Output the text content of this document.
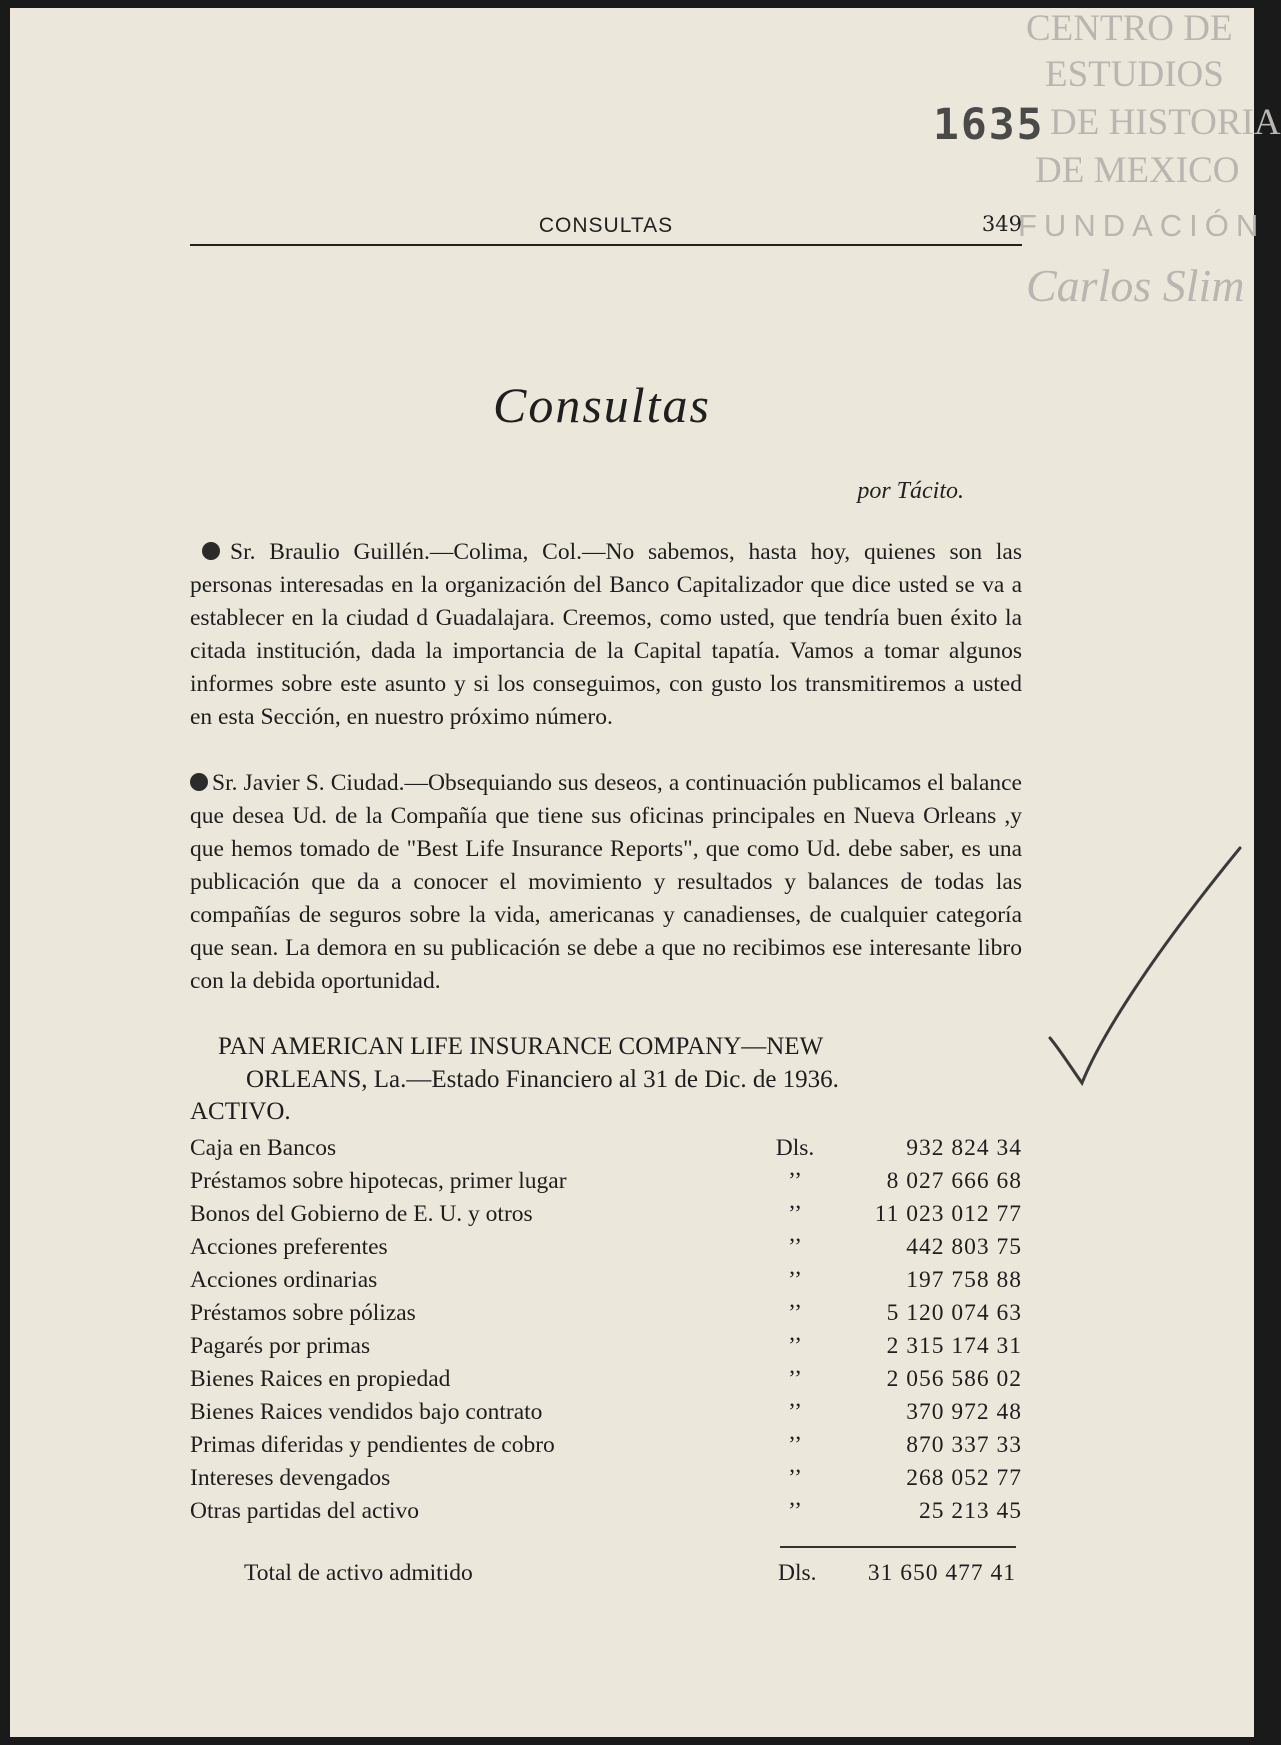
CENTRO DE
ESTUDIOS
DE HISTORIA
DE MEXICO
FUNDACIÓN
Carlos Slim
1635
CONSULTAS	349
Consultas
por Tácito.

Sr. Braulio Guillén.—Colima, Col.—No sabemos, hasta hoy, quienes son las personas interesadas en la organización del Banco Capitalizador que dice usted se va a establecer en la ciudad d Guadalajara. Creemos, como usted, que tendría buen éxito la citada institución, dada la importancia de la Capital tapatía. Vamos a tomar algunos informes sobre este asunto y si los conseguimos, con gusto los transmitiremos a usted en esta Sección, en nuestro próximo número.

Sr. Javier S. Ciudad.—Obsequiando sus deseos, a continuación publicamos el balance que desea Ud. de la Compañía que tiene sus oficinas principales en Nueva Orleans ,y que hemos tomado de "Best Life Insurance Reports", que como Ud. debe saber, es una publicación que da a conocer el movimiento y resultados y balances de todas las compañías de seguros sobre la vida, americanas y canadienses, de cualquier categoría que sean. La demora en su publicación se debe a que no recibimos ese interesante libro con la debida oportunidad.

PAN AMERICAN LIFE INSURANCE COMPANY—NEW
ORLEANS, La.—Estado Financiero al 31 de Dic. de 1936.
ACTIVO.
Caja en Bancos	Dls.	932 824 34
Préstamos sobre hipotecas, primer lugar	’’	8 027 666 68
Bonos del Gobierno de E. U. y otros	’’	11 023 012 77
Acciones preferentes	’’	442 803 75
Acciones ordinarias	’’	197 758 88
Préstamos sobre pólizas	’’	5 120 074 63
Pagarés por primas	’’	2 315 174 31
Bienes Raices en propiedad	’’	2 056 586 02
Bienes Raices vendidos bajo contrato	’’	370 972 48
Primas diferidas y pendientes de cobro	’’	870 337 33
Intereses devengados	’’	268 052 77
Otras partidas del activo	’’	25 213 45
Total de activo admitido	Dls. 31 650 477 41
